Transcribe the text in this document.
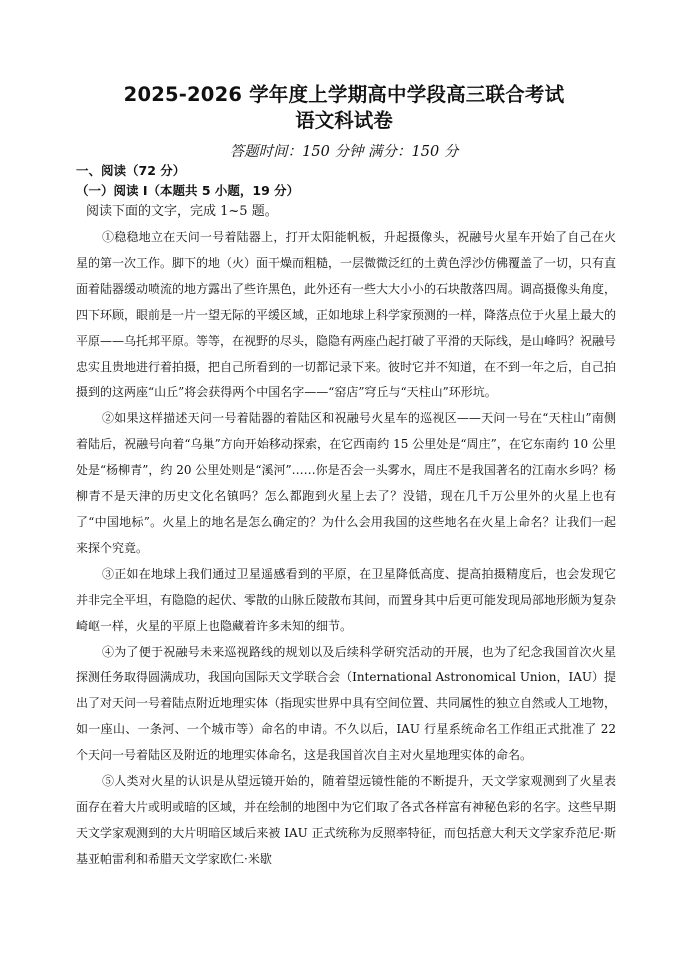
2025-2026 学年度上学期高中学段高三联合考试
语文科试卷
答题时间：150 分钟 满分：150 分
一、阅读（72 分）
（一）阅读 I（本题共 5 小题，19 分）
阅读下面的文字，完成 1~5 题。

①稳稳地立在天问一号着陆器上，打开太阳能帆板，升起摄像头，祝融号火星车开始了自己在火星的第一次工作。脚下的地（火）面干燥而粗糙，一层微微泛红的土黄色浮沙仿佛覆盖了一切，只有直面着陆器缓动喷流的地方露出了些许黑色，此外还有一些大大小小的石块散落四周。调高摄像头角度，四下环顾，眼前是一片一望无际的平缓区域，正如地球上科学家预测的一样，降落点位于火星上最大的平原——乌托邦平原。等等，在视野的尽头，隐隐有两座凸起打破了平滑的天际线，是山峰吗？祝融号忠实且贵地进行着拍摄，把自己所看到的一切都记录下来。彼时它并不知道，在不到一年之后，自己拍摄到的这两座“山丘”将会获得两个中国名字——“窑店”穹丘与“天柱山”环形坑。

②如果这样描述天问一号着陆器的着陆区和祝融号火星车的巡视区——天问一号在“天柱山”南侧着陆后，祝融号向着“乌巢”方向开始移动探索，在它西南约 15 公里处是“周庄”，在它东南约 10 公里处是“杨柳青”，约 20 公里处则是“溪河”……你是否会一头雾水，周庄不是我国著名的江南水乡吗？杨柳青不是天津的历史文化名镇吗？怎么都跑到火星上去了？没错，现在几千万公里外的火星上也有了“中国地标”。火星上的地名是怎么确定的？为什么会用我国的这些地名在火星上命名？让我们一起来探个究竟。

③正如在地球上我们通过卫星遥感看到的平原，在卫星降低高度、提高拍摄精度后，也会发现它并非完全平坦，有隐隐的起伏、零散的山脉丘陵散布其间，而置身其中后更可能发现局部地形颇为复杂崎岖一样，火星的平原上也隐藏着许多未知的细节。

④为了便于祝融号未来巡视路线的规划以及后续科学研究活动的开展，也为了纪念我国首次火星探测任务取得圆满成功，我国向国际天文学联合会（International Astronomical Union，IAU）提出了对天问一号着陆点附近地理实体（指现实世界中具有空间位置、共同属性的独立自然或人工地物，如一座山、一条河、一个城市等）命名的申请。不久以后，IAU 行星系统命名工作组正式批准了 22 个天问一号着陆区及附近的地理实体命名，这是我国首次自主对火星地理实体的命名。

⑤人类对火星的认识是从望远镜开始的，随着望远镜性能的不断提升，天文学家观测到了火星表面存在着大片或明或暗的区域，并在绘制的地图中为它们取了各式各样富有神秘色彩的名字。这些早期天文学家观测到的大片明暗区域后来被 IAU 正式统称为反照率特征，而包括意大利天文学家乔范尼·斯基亚帕雷利和希腊天文学家欧仁·米歇
